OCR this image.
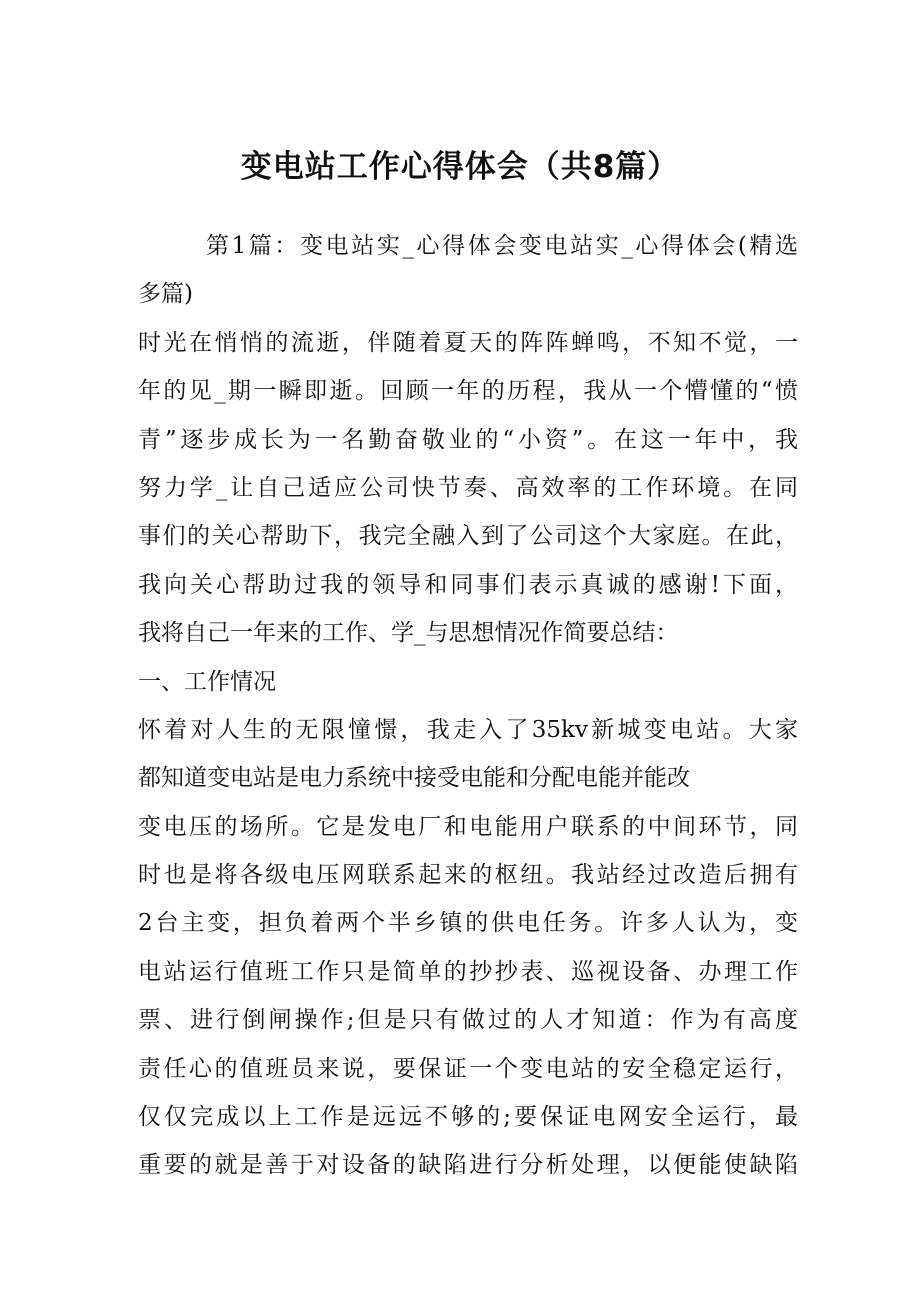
变电站工作心得体会（共8篇）
第1篇：变电站实_心得体会变电站实_心得体会(精选
多篇)
时光在悄悄的流逝，伴随着夏天的阵阵蝉鸣，不知不觉，一
年的见_期一瞬即逝。回顾一年的历程，我从一个懵懂的“愤
青”逐步成长为一名勤奋敬业的“小资”。在这一年中，我
努力学_让自己适应公司快节奏、高效率的工作环境。在同
事们的关心帮助下，我完全融入到了公司这个大家庭。在此，
我向关心帮助过我的领导和同事们表示真诚的感谢!下面，
我将自己一年来的工作、学_与思想情况作简要总结：
一、工作情况
怀着对人生的无限憧憬，我走入了35kv新城变电站。大家
都知道变电站是电力系统中接受电能和分配电能并能改
变电压的场所。它是发电厂和电能用户联系的中间环节，同
时也是将各级电压网联系起来的枢纽。我站经过改造后拥有
2台主变，担负着两个半乡镇的供电任务。许多人认为，变
电站运行值班工作只是简单的抄抄表、巡视设备、办理工作
票、进行倒闸操作;但是只有做过的人才知道：作为有高度
责任心的值班员来说，要保证一个变电站的安全稳定运行，
仅仅完成以上工作是远远不够的;要保证电网安全运行，最
重要的就是善于对设备的缺陷进行分析处理，以便能使缺陷
